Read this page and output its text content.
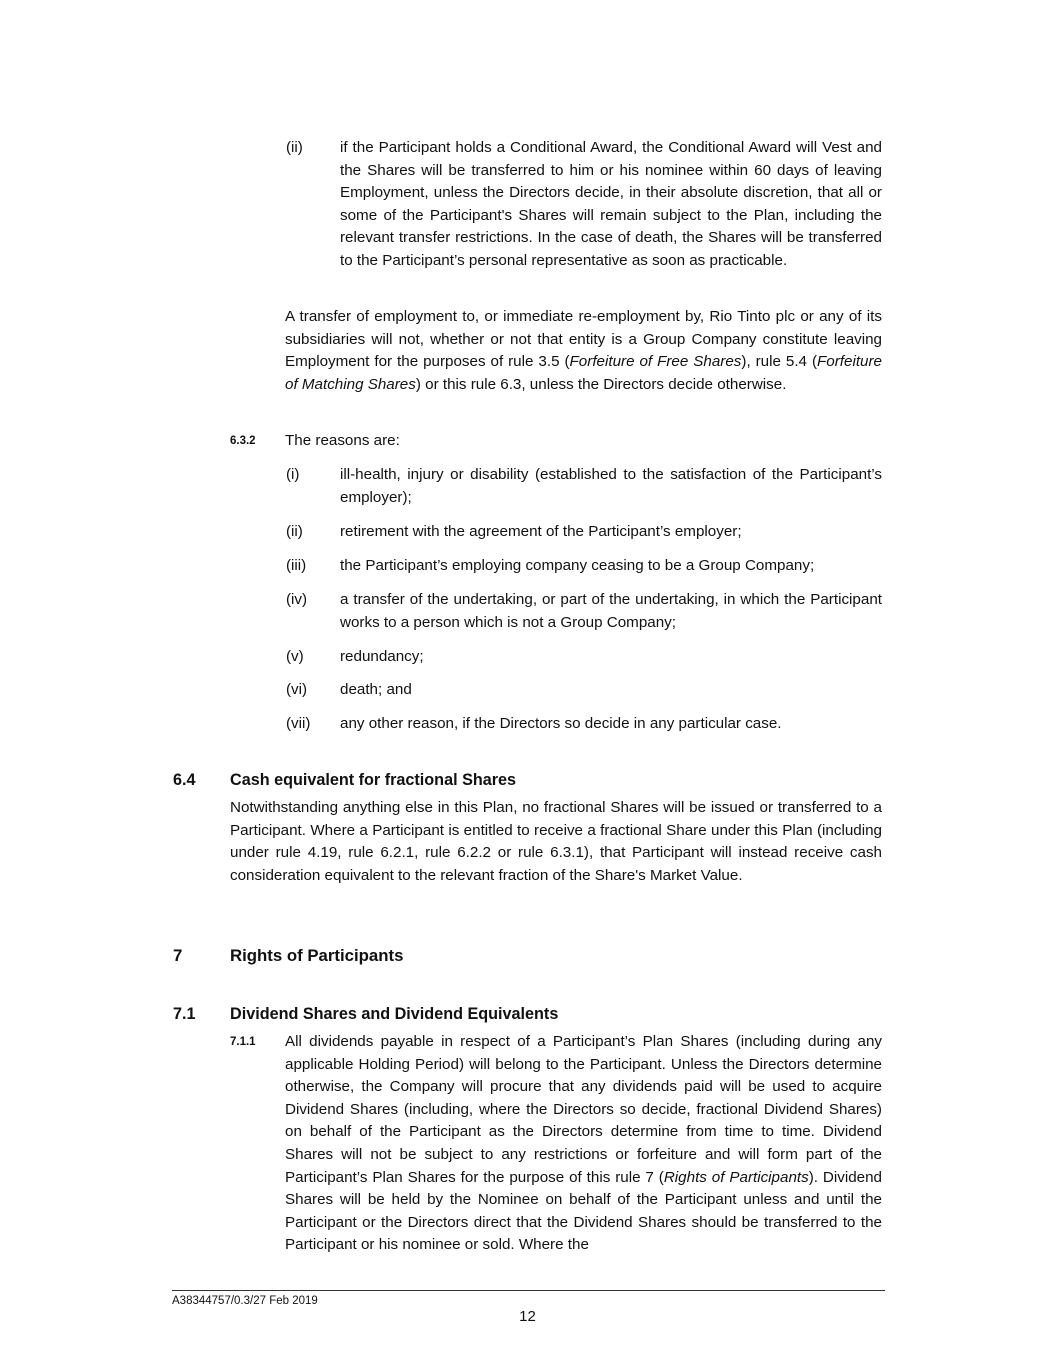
(ii) if the Participant holds a Conditional Award, the Conditional Award will Vest and the Shares will be transferred to him or his nominee within 60 days of leaving Employment, unless the Directors decide, in their absolute discretion, that all or some of the Participant's Shares will remain subject to the Plan, including the relevant transfer restrictions. In the case of death, the Shares will be transferred to the Participant’s personal representative as soon as practicable.

A transfer of employment to, or immediate re-employment by, Rio Tinto plc or any of its subsidiaries will not, whether or not that entity is a Group Company constitute leaving Employment for the purposes of rule 3.5 (Forfeiture of Free Shares), rule 5.4 (Forfeiture of Matching Shares) or this rule 6.3, unless the Directors decide otherwise.

6.3.2 The reasons are:

(i)	ill-health, injury or disability (established to the satisfaction of the Participant’s employer);

(ii) retirement with the agreement of the Participant’s employer;

(iii) the Participant’s employing company ceasing to be a Group Company;

(iv) a transfer of the undertaking, or part of the undertaking, in which the Participant works to a person which is not a Group Company;

(v) redundancy;

(vi) death; and

(vii) any other reason, if the Directors so decide in any particular case.

6.4 Cash equivalent for fractional Shares

Notwithstanding anything else in this Plan, no fractional Shares will be issued or transferred to a Participant. Where a Participant is entitled to receive a fractional Share under this Plan (including under rule 4.19, rule 6.2.1, rule 6.2.2 or rule 6.3.1), that Participant will instead receive cash consideration equivalent to the relevant fraction of the Share's Market Value.

7	Rights of Participants
7.1 Dividend Shares and Dividend Equivalents
7.1.1 All dividends payable in respect of a Participant’s Plan Shares (including during any applicable Holding Period) will belong to the Participant. Unless the Directors determine otherwise, the Company will procure that any dividends paid will be used to acquire Dividend Shares (including, where the Directors so decide, fractional Dividend Shares) on behalf of the Participant as the Directors determine from time to time. Dividend Shares will not be subject to any restrictions or forfeiture and will form part of the Participant’s Plan Shares for the purpose of this rule 7 (Rights of Participants). Dividend Shares will be held by the Nominee on behalf of the Participant unless and until the Participant or the Directors direct that the Dividend Shares should be transferred to the Participant or his nominee or sold. Where the

A38344757/0.3/27 Feb 2019
12
